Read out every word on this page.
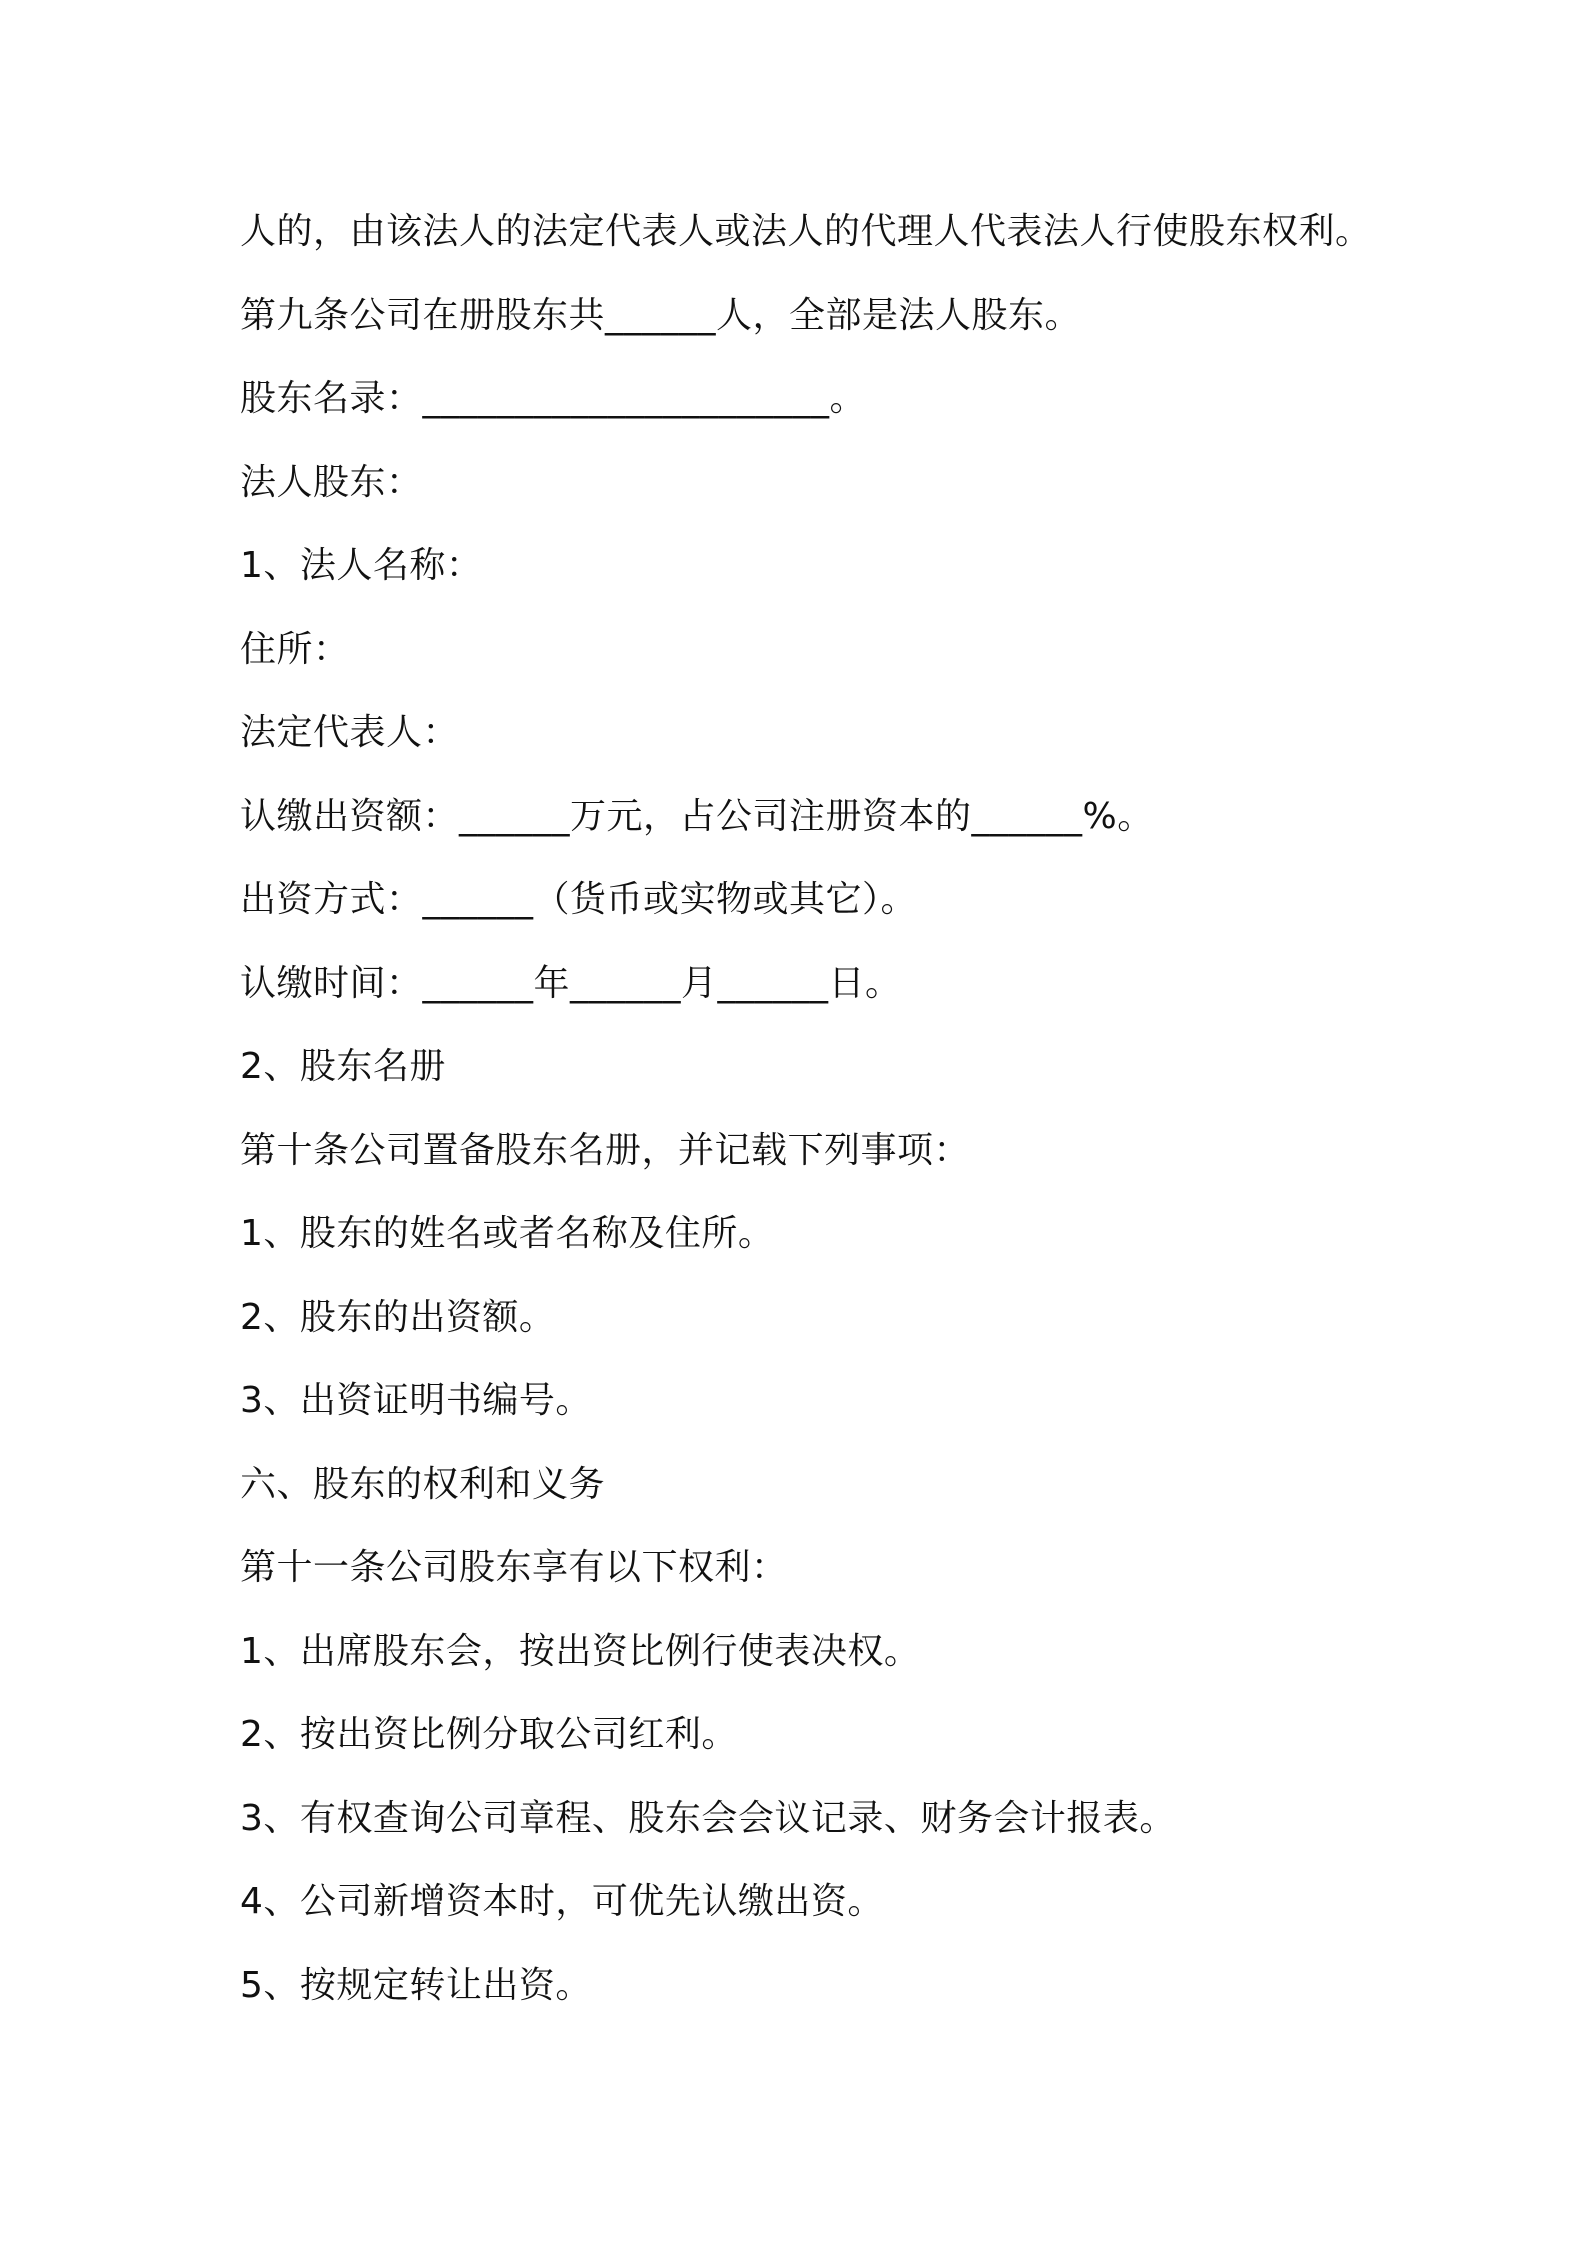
人的，由该法人的法定代表人或法人的代理人代表法人行使股东权利。
第九条公司在册股东共______人，全部是法人股东。
股东名录：______________________。
法人股东：
1、法人名称：
住所：
法定代表人：
认缴出资额：______万元，占公司注册资本的______%。
出资方式：______（货币或实物或其它）。
认缴时间：______年______月______日。
2、股东名册
第十条公司置备股东名册，并记载下列事项：
1、股东的姓名或者名称及住所。
2、股东的出资额。
3、出资证明书编号。
六、股东的权利和义务
第十一条公司股东享有以下权利：
1、出席股东会，按出资比例行使表决权。
2、按出资比例分取公司红利。
3、有权查询公司章程、股东会会议记录、财务会计报表。
4、公司新增资本时，可优先认缴出资。
5、按规定转让出资。
